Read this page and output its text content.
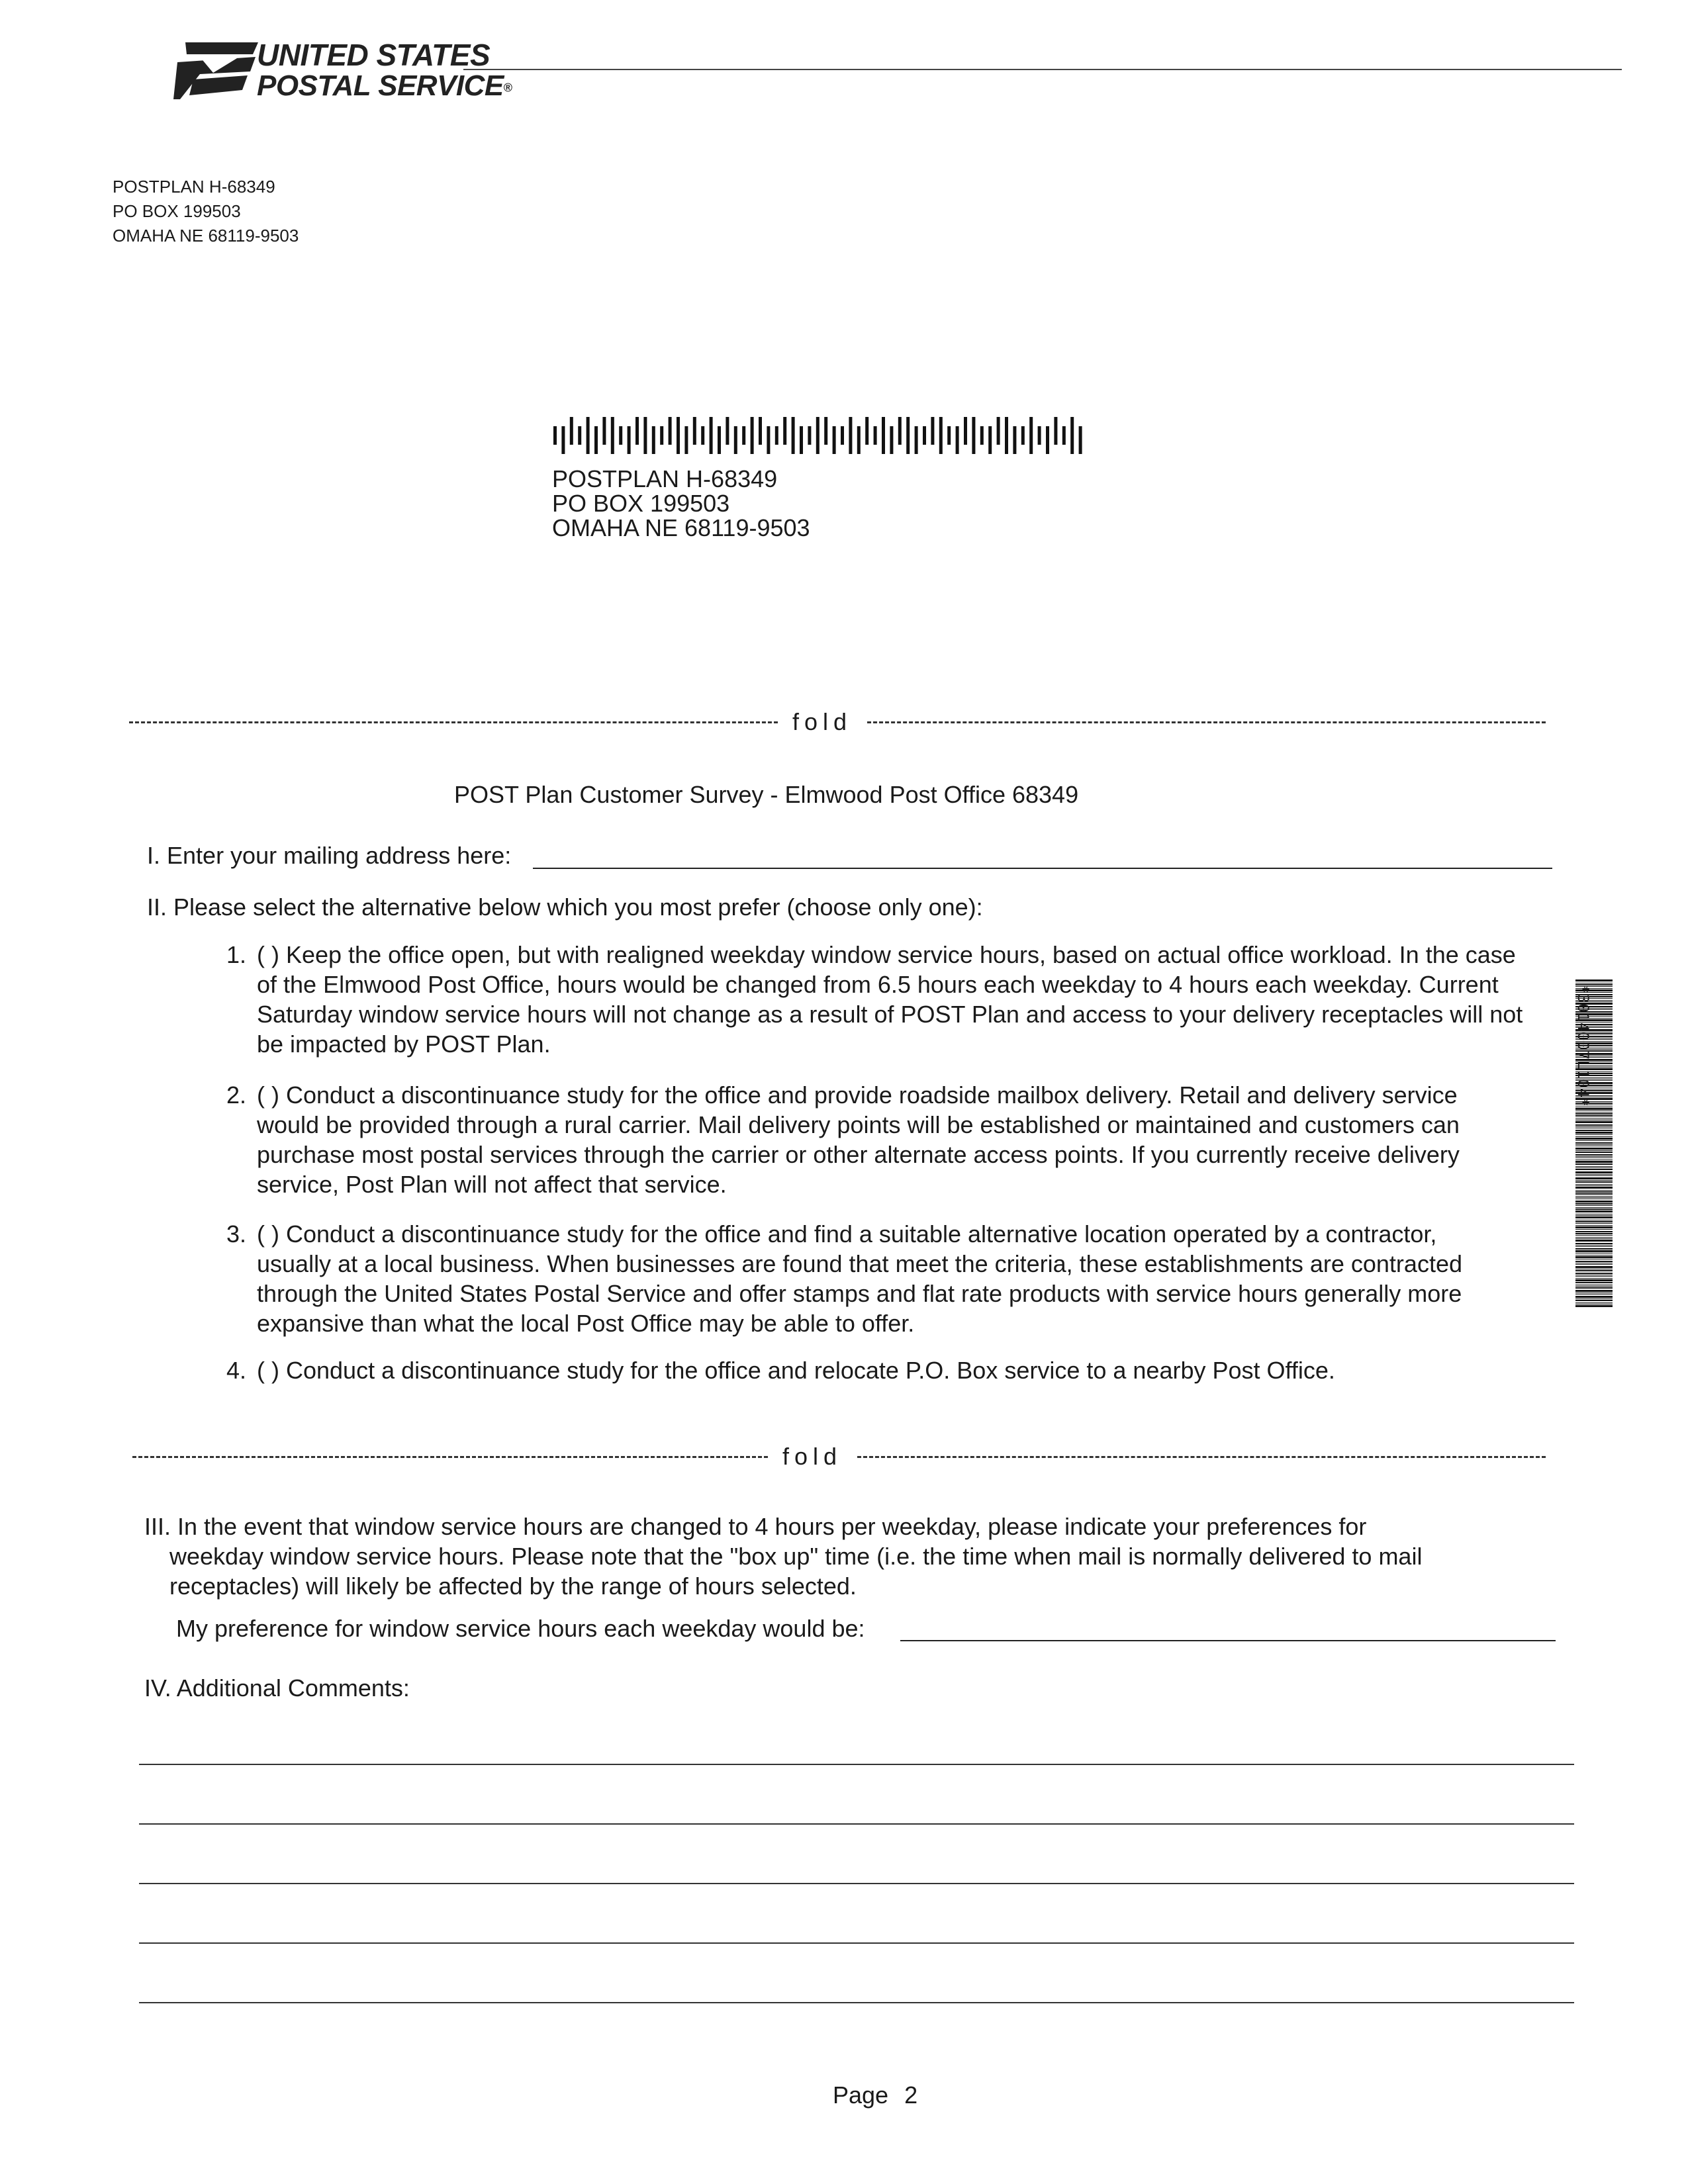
UNITED STATES
POSTAL SERVICE®
POSTPLAN H-68349
PO BOX 199503
OMAHA NE 68119-9503
POSTPLAN H-68349
PO BOX 199503
OMAHA NE 68119-9503
fold
POST Plan Customer Survey - Elmwood Post Office 68349
I. Enter your mailing address here:
II. Please select the alternative below which you most prefer (choose only one):
1. ( ) Keep the office open, but with realigned weekday window service hours, based on actual office workload. In the case of the Elmwood Post Office, hours would be changed from 6.5 hours each weekday to 4 hours each weekday. Current Saturday window service hours will not change as a result of POST Plan and access to your delivery receptacles will not be impacted by POST Plan.
2. ( ) Conduct a discontinuance study for the office and provide roadside mailbox delivery. Retail and delivery service would be provided through a rural carrier. Mail delivery points will be established or maintained and customers can purchase most postal services through the carrier or other alternate access points. If you currently receive delivery service, Post Plan will not affect that service.
3. ( ) Conduct a discontinuance study for the office and find a suitable alternative location operated by a contractor, usually at a local business. When businesses are found that meet the criteria, these establishments are contracted through the United States Postal Service and offer stamps and flat rate products with service hours generally more expansive than what the local Post Office may be able to offer.
4. ( ) Conduct a discontinuance study for the office and relocate P.O. Box service to a nearby Post Office.
fold
III. In the event that window service hours are changed to 4 hours per weekday, please indicate your preferences for weekday window service hours. Please note that the "box up" time (i.e. the time when mail is normally delivered to mail receptacles) will likely be affected by the range of hours selected.
My preference for window service hours each weekday would be:
IV. Additional Comments:
*3014007L104*
Page 2
